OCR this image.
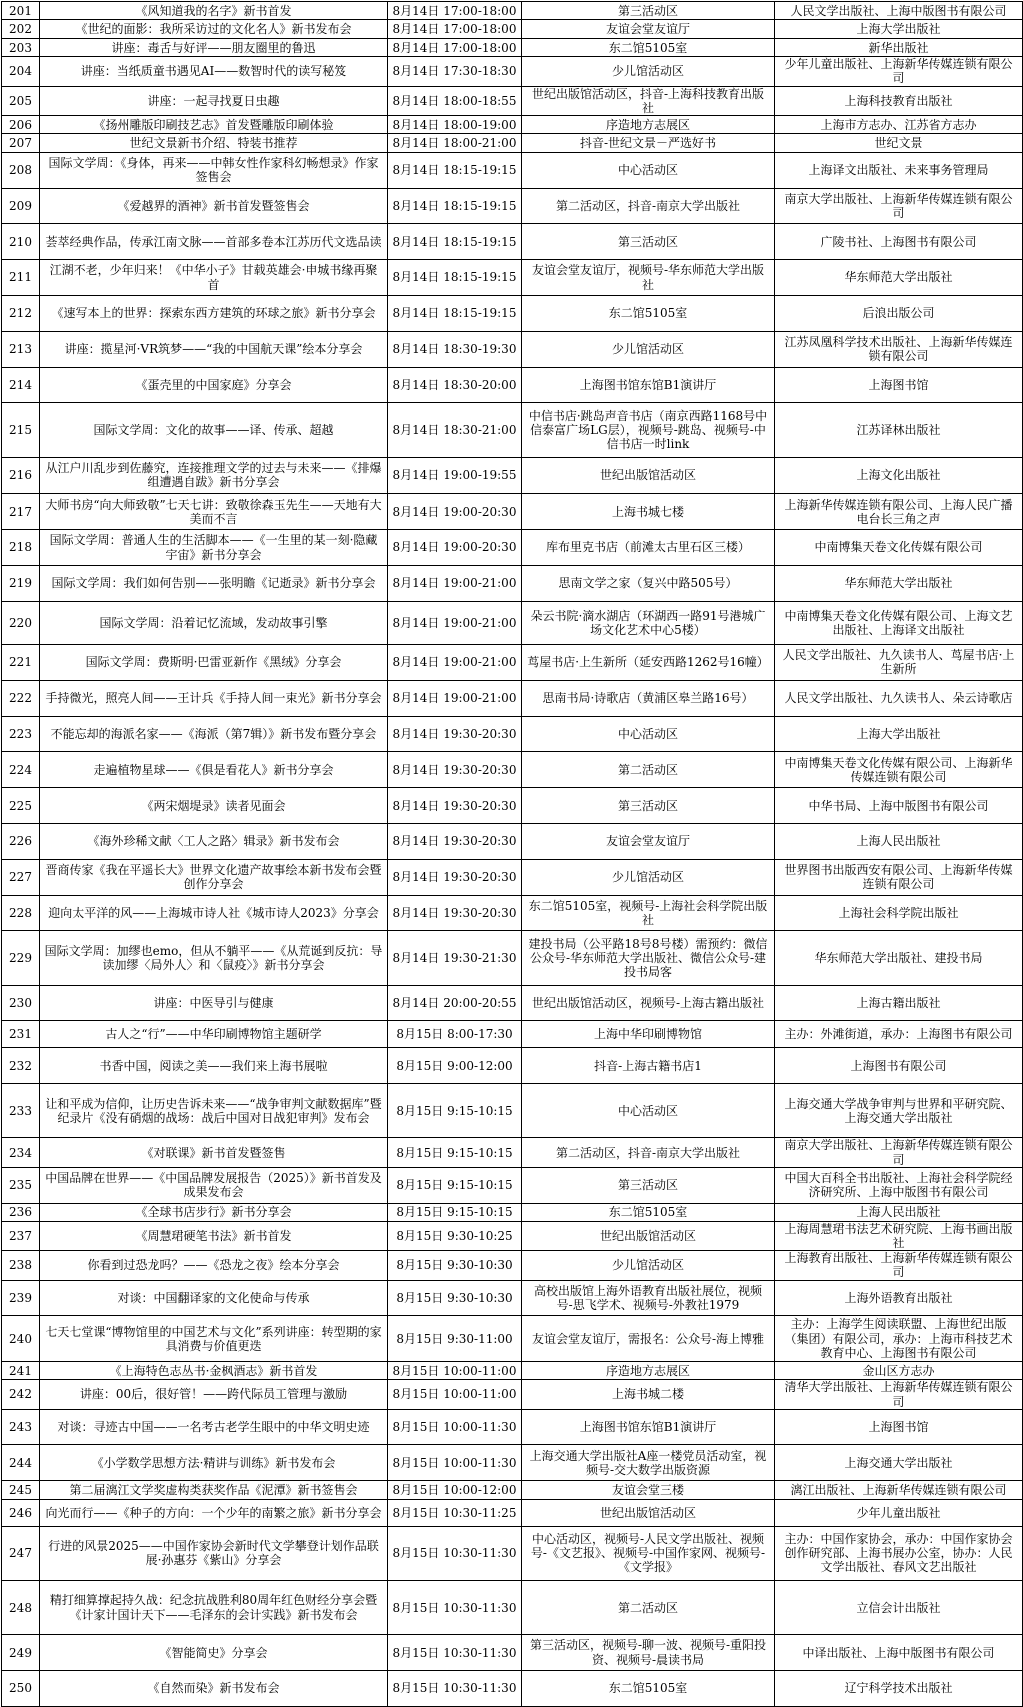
201	《风知道我的名字》新书首发	8月14日 17:00-18:00	第三活动区	人民文学出版社、上海中版图书有限公司
202	《世纪的面影：我所采访过的文化名人》新书发布会	8月14日 17:00-18:00	友谊会堂友谊厅	上海大学出版社
203	讲座：毒舌与好评——朋友圈里的鲁迅	8月14日 17:00-18:00	东二馆5105室	新华出版社
204	讲座：当纸质童书遇见AI——数智时代的读写秘笈	8月14日 17:30-18:30	少儿馆活动区	少年儿童出版社、上海新华传媒连锁有限公司
205	讲座：一起寻找夏日虫趣	8月14日 18:00-18:55	世纪出版馆活动区，抖音-上海科技教育出版社	上海科技教育出版社
206	《扬州雕版印刷技艺志》首发暨雕版印刷体验	8月14日 18:00-19:00	序造地方志展区	上海市方志办、江苏省方志办
207	世纪文景新书介绍、特装书推荐	8月14日 18:00-21:00	抖音-世纪文景－严选好书	世纪文景
208	国际文学周：《身体，再来——中韩女性作家科幻畅想录》作家签售会	8月14日 18:15-19:15	中心活动区	上海译文出版社、未来事务管理局
209	《爱越界的酒神》新书首发暨签售会	8月14日 18:15-19:15	第二活动区，抖音-南京大学出版社	南京大学出版社、上海新华传媒连锁有限公司
210	荟萃经典作品，传承江南文脉——首部多卷本江苏历代文选品读	8月14日 18:15-19:15	第三活动区	广陵书社、上海图书有限公司
211	江湖不老，少年归来！《中华小子》甘载英雄会·申城书缘再聚首	8月14日 18:15-19:15	友谊会堂友谊厅，视频号-华东师范大学出版社	华东师范大学出版社
212	《速写本上的世界：探索东西方建筑的环球之旅》新书分享会	8月14日 18:15-19:15	东二馆5105室	后浪出版公司
213	讲座：揽星河·VR筑梦——“我的中国航天课”绘本分享会	8月14日 18:30-19:30	少儿馆活动区	江苏凤凰科学技术出版社、上海新华传媒连锁有限公司
214	《蛋壳里的中国家庭》分享会	8月14日 18:30-20:00	上海图书馆东馆B1演讲厅	上海图书馆
215	国际文学周：文化的故事——译、传承、超越	8月14日 18:30-21:00	中信书店·跳岛声音书店（南京西路1168号中信泰富广场LG层），视频号-跳岛、视频号-中信书店一时link	江苏译林出版社
216	从江户川乱步到佐藤究，连接推理文学的过去与未来——《排爆组遭遇自跋》新书分享会	8月14日 19:00-19:55	世纪出版馆活动区	上海文化出版社
217	大师书房“向大师致敬”七天七讲：致敬徐森玉先生——天地有大美而不言	8月14日 19:00-20:30	上海书城七楼	上海新华传媒连锁有限公司、上海人民广播电台长三角之声
218	国际文学周：普通人生的生活脚本——《一生里的某一刻·隐藏宇宙》新书分享会	8月14日 19:00-20:30	库布里克书店（前滩太古里石区三楼）	中南博集天卷文化传媒有限公司
219	国际文学周：我们如何告别——张明瞻《记逝录》新书分享会	8月14日 19:00-21:00	思南文学之家（复兴中路505号）	华东师范大学出版社
220	国际文学周：沿着记忆流域，发动故事引擎	8月14日 19:00-21:00	朵云书院·滴水湖店（环湖西一路91号港城广场文化艺术中心5楼）	中南博集天卷文化传媒有限公司、上海文艺出版社、上海译文出版社
221	国际文学周：费斯明·巴雷亚新作《黑绒》分享会	8月14日 19:00-21:00	茑屋书店·上生新所（延安西路1262号16幢）	人民文学出版社、九久读书人、茑屋书店·上生新所
222	手持微光，照亮人间——王计兵《手持人间一束光》新书分享会	8月14日 19:00-21:00	思南书局·诗歌店（黄浦区皋兰路16号）	人民文学出版社、九久读书人、朵云诗歌店
223	不能忘却的海派名家——《海派（第7辑）》新书发布暨分享会	8月14日 19:30-20:30	中心活动区	上海大学出版社
224	走遍植物星球——《俱是看花人》新书分享会	8月14日 19:30-20:30	第二活动区	中南博集天卷文化传媒有限公司、上海新华传媒连锁有限公司
225	《两宋烟堤录》读者见面会	8月14日 19:30-20:30	第三活动区	中华书局、上海中版图书有限公司
226	《海外珍稀文献〈工人之路〉辑录》新书发布会	8月14日 19:30-20:30	友谊会堂友谊厅	上海人民出版社
227	晋商传家《我在平遥长大》世界文化遗产故事绘本新书发布会暨创作分享会	8月14日 19:30-20:30	少儿馆活动区	世界图书出版西安有限公司、上海新华传媒连锁有限公司
228	迎向太平洋的风——上海城市诗人社《城市诗人2023》分享会	8月14日 19:30-20:30	东二馆5105室，视频号-上海社会科学院出版社	上海社会科学院出版社
229	国际文学周：加缪也emo，但从不躺平——《从荒诞到反抗：导读加缪〈局外人〉和〈鼠疫〉》新书分享会	8月14日 19:30-21:30	建投书局（公平路18号8号楼）需预约：微信公众号-华东师范大学出版社、微信公众号-建投书局客	华东师范大学出版社、建投书局
230	讲座：中医导引与健康	8月14日 20:00-20:55	世纪出版馆活动区，视频号-上海古籍出版社	上海古籍出版社
231	古人之“行”——中华印刷博物馆主题研学	8月15日 8:00-17:30	上海中华印刷博物馆	主办：外滩街道，承办：上海图书有限公司
232	书香中国，阅读之美——我们来上海书展啦	8月15日 9:00-12:00	抖音-上海古籍书店1	上海图书有限公司
233	让和平成为信仰，让历史告诉未来——“战争审判文献数据库”暨纪录片《没有硝烟的战场：战后中国对日战犯审判》发布会	8月15日 9:15-10:15	中心活动区	上海交通大学战争审判与世界和平研究院、上海交通大学出版社
234	《对联课》新书首发暨签售	8月15日 9:15-10:15	第二活动区，抖音-南京大学出版社	南京大学出版社、上海新华传媒连锁有限公司
235	中国品牌在世界——《中国品牌发展报告（2025）》新书首发及成果发布会	8月15日 9:15-10:15	第三活动区	中国大百科全书出版社、上海社会科学院经济研究所、上海中版图书有限公司
236	《全球书店步行》新书分享会	8月15日 9:15-10:15	东二馆5105室	上海人民出版社
237	《周慧珺硬笔书法》新书首发	8月15日 9:30-10:25	世纪出版馆活动区	上海周慧珺书法艺术研究院、上海书画出版社
238	你看到过恐龙吗？——《恐龙之夜》绘本分享会	8月15日 9:30-10:30	少儿馆活动区	上海教育出版社、上海新华传媒连锁有限公司
239	对谈：中国翻译家的文化使命与传承	8月15日 9:30-10:30	高校出版馆上海外语教育出版社展位，视频号-思飞学术、视频号-外教社1979	上海外语教育出版社
240	七天七堂课“博物馆里的中国艺术与文化”系列讲座：转型期的家具消费与价值更迭	8月15日 9:30-11:00	友谊会堂友谊厅，需报名：公众号-海上博雅	主办：上海学生阅读联盟、上海世纪出版（集团）有限公司，承办：上海市科技艺术教育中心、上海图书有限公司
241	《上海特色志丛书·金枫酒志》新书首发	8月15日 10:00-11:00	序造地方志展区	金山区方志办
242	讲座：00后，很好管！——跨代际员工管理与激励	8月15日 10:00-11:00	上海书城二楼	清华大学出版社、上海新华传媒连锁有限公司
243	对谈：寻迹古中国——一名考古老学生眼中的中华文明史迹	8月15日 10:00-11:30	上海图书馆东馆B1演讲厅	上海图书馆
244	《小学数学思想方法·精讲与训练》新书发布会	8月15日 10:00-11:30	上海交通大学出版社A座一楼党员活动室，视频号-交大数学出版资源	上海交通大学出版社
245	第二届漓江文学奖虚构类获奖作品《泥潭》新书签售会	8月15日 10:00-12:00	友谊会堂三楼	漓江出版社、上海新华传媒连锁有限公司
246	向光而行——《种子的方向：一个少年的南繁之旅》新书分享会	8月15日 10:30-11:25	世纪出版馆活动区	少年儿童出版社
247	行进的风景2025——中国作家协会新时代文学攀登计划作品联展·孙惠芬《紫山》分享会	8月15日 10:30-11:30	中心活动区，视频号-人民文学出版社、视频号-《文艺报》、视频号-中国作家网、视频号-《文学报》	主办：中国作家协会，承办：中国作家协会创作研究部、上海书展办公室，协办：人民文学出版社、春风文艺出版社
248	精打细算撑起持久战：纪念抗战胜利80周年红色财经分享会暨《计家计国计天下——毛泽东的会计实践》新书发布会	8月15日 10:30-11:30	第二活动区	立信会计出版社
249	《智能简史》分享会	8月15日 10:30-11:30	第三活动区，视频号-聊一波、视频号-重阳投资、视频号-晨读书局	中译出版社、上海中版图书有限公司
250	《自然而染》新书发布会	8月15日 10:30-11:30	东二馆5105室	辽宁科学技术出版社
